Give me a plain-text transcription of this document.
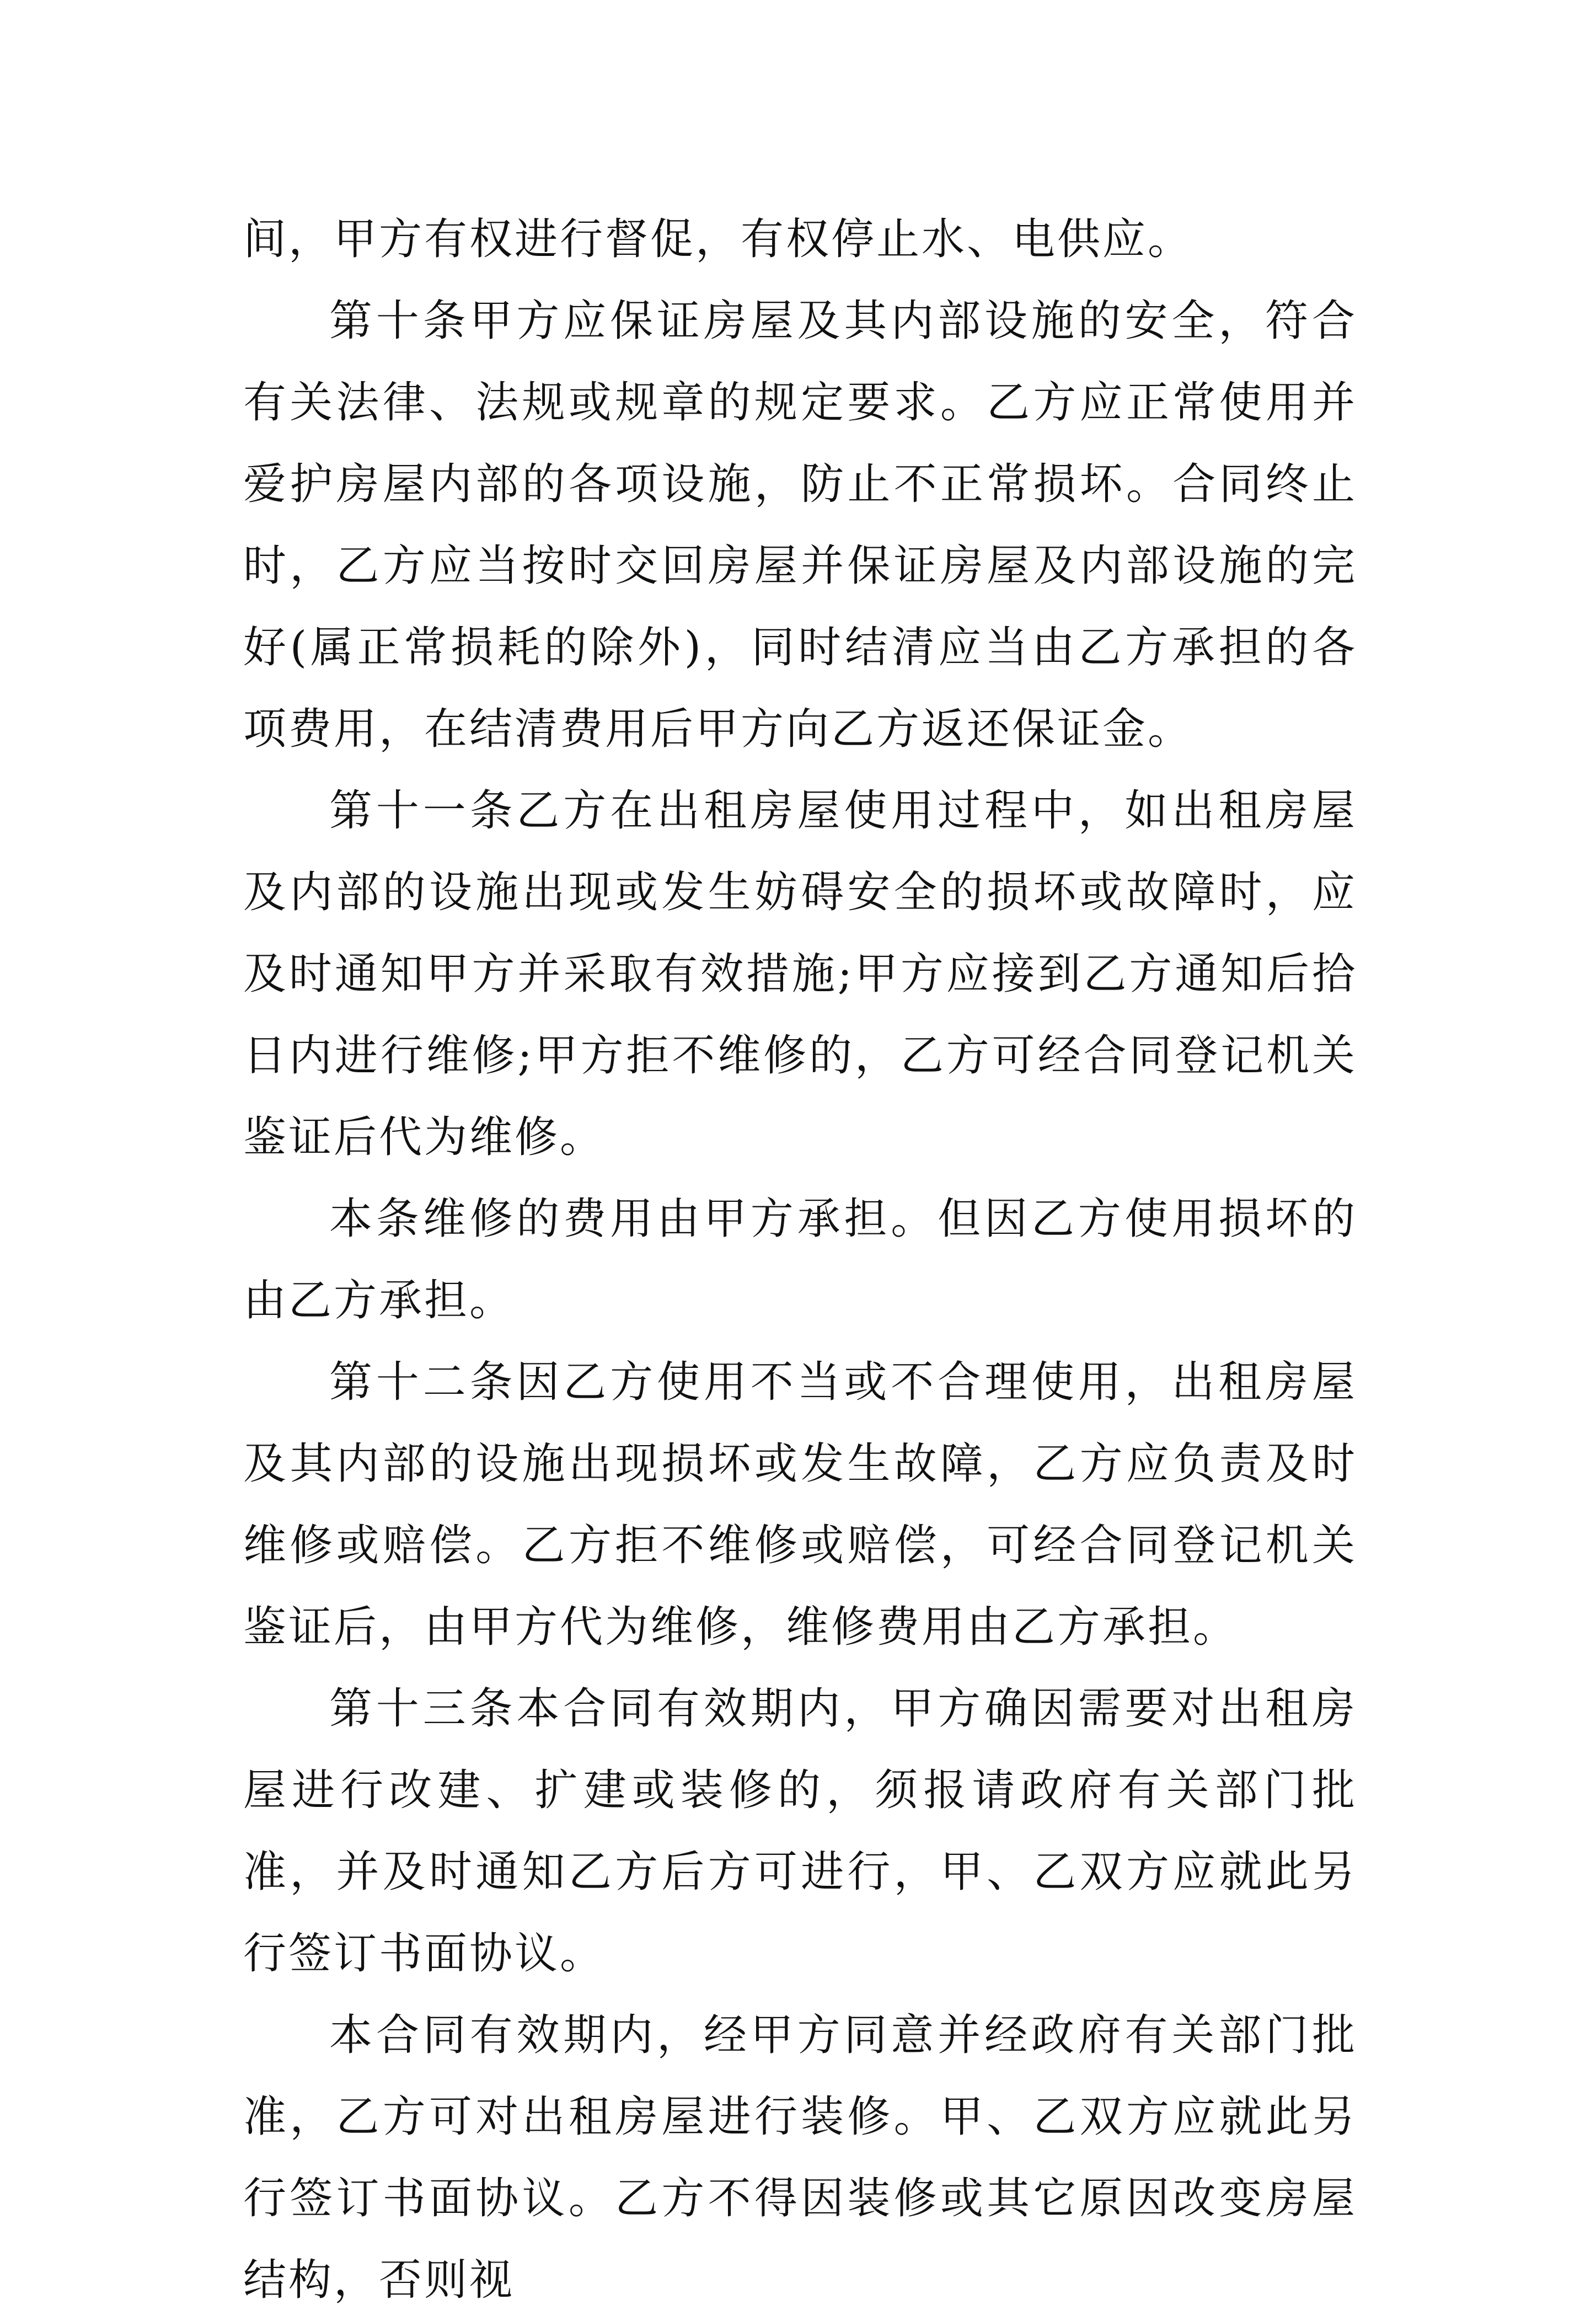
间，甲方有权进行督促，有权停止水、电供应。

第十条甲方应保证房屋及其内部设施的安全，符合有关法律、法规或规章的规定要求。乙方应正常使用并爱护房屋内部的各项设施，防止不正常损坏。合同终止时，乙方应当按时交回房屋并保证房屋及内部设施的完好(属正常损耗的除外)，同时结清应当由乙方承担的各项费用，在结清费用后甲方向乙方返还保证金。

第十一条乙方在出租房屋使用过程中，如出租房屋及内部的设施出现或发生妨碍安全的损坏或故障时，应及时通知甲方并采取有效措施;甲方应接到乙方通知后拾日内进行维修;甲方拒不维修的，乙方可经合同登记机关鉴证后代为维修。

本条维修的费用由甲方承担。但因乙方使用损坏的由乙方承担。

第十二条因乙方使用不当或不合理使用，出租房屋及其内部的设施出现损坏或发生故障，乙方应负责及时维修或赔偿。乙方拒不维修或赔偿，可经合同登记机关鉴证后，由甲方代为维修，维修费用由乙方承担。

第十三条本合同有效期内，甲方确因需要对出租房屋进行改建、扩建或装修的，须报请政府有关部门批准，并及时通知乙方后方可进行，甲、乙双方应就此另行签订书面协议。

本合同有效期内，经甲方同意并经政府有关部门批准，乙方可对出租房屋进行装修。甲、乙双方应就此另行签订书面协议。乙方不得因装修或其它原因改变房屋结构，否则视
